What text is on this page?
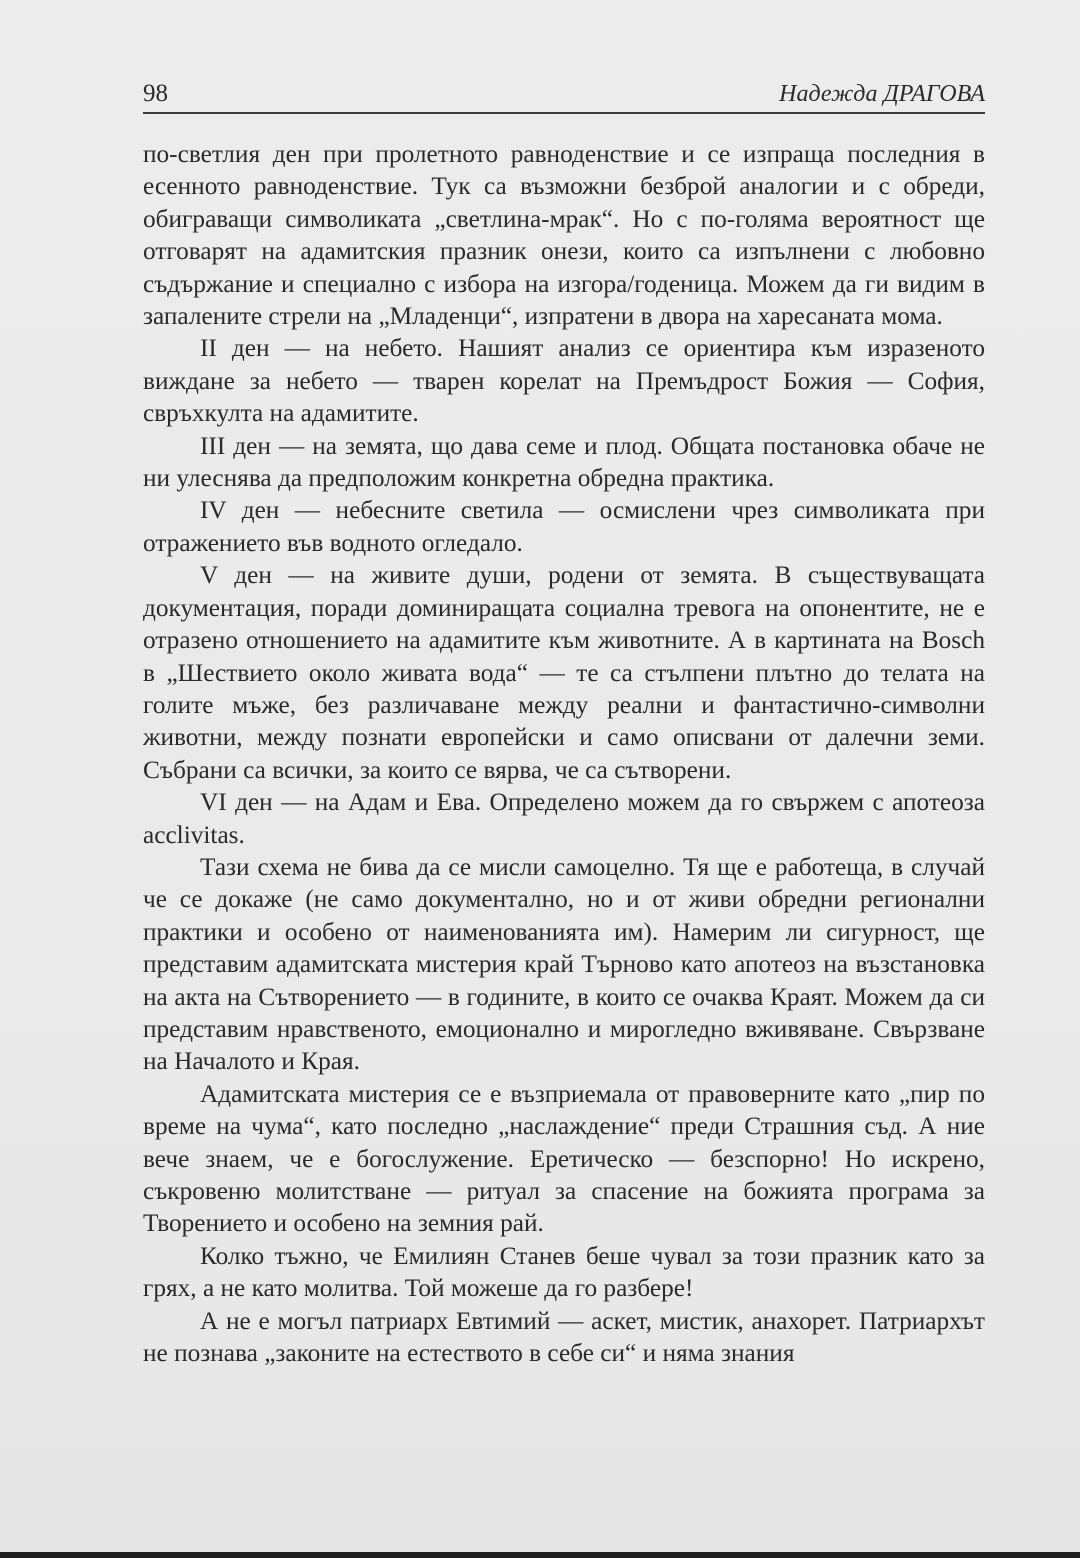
98	Надежда ДРАГОВА

по-светлия ден при пролетното равноденствие и се изпраща последния в есенното равноденствие. Тук са възможни безброй аналогии и с обреди, обиграващи символиката „светлина-мрак“. Но с по-голяма вероятност ще отговарят на адамитския празник онези, които са изпълнени с любовно съдържание и специално с избора на изгора/годеница. Можем да ги видим в запалените стрели на „Младенци“, изпратени в двора на харесаната мома.

II ден — на небето. Нашият анализ се ориентира към изразеното виждане за небето — тварен корелат на Премъдрост Божия — София, свръхкулта на адамитите.

III ден — на земята, що дава семе и плод. Общата постановка обаче не ни улеснява да предположим конкретна обредна практика.

IV ден — небесните светила — осмислени чрез символиката при отражението във водното огледало.

V ден — на живите души, родени от земята. В съществуващата документация, поради доминиращата социална тревога на опонентите, не е отразено отношението на адамитите към животните. А в картината на Bosch в „Шествието около живата вода“ — те са стълпени плътно до телата на голите мъже, без различаване между реални и фантастично-символни животни, между познати европейски и само описвани от далечни земи. Събрани са всички, за които се вярва, че са сътворени.

VI ден — на Адам и Ева. Определено можем да го свържем с апотеоза acclivitas.

Тази схема не бива да се мисли самоцелно. Тя ще е работеща, в случай че се докаже (не само документално, но и от живи обредни регионални практики и особено от наименованията им). Намерим ли сигурност, ще представим адамитската мистерия край Търново като апотеоз на възстановка на акта на Сътворението — в годините, в които се очаква Краят. Можем да си представим нравственото, емоционално и мирогледно вживяване. Свързване на Началото и Края.

Адамитската мистерия се е възприемала от правоверните като „пир по време на чума“, като последно „наслаждение“ преди Страшния съд. А ние вече знаем, че е богослужение. Еретическо — безспорно! Но искрено, съкровеню молитстване — ритуал за спасение на божията програма за Творението и особено на земния рай.

Колко тъжно, че Емилиян Станев беше чувал за този празник като за грях, а не като молитва. Той можеше да го разбере!

А не е могъл патриарх Евтимий — аскет, мистик, анахорет. Патриархът не познава „законите на естеството в себе си“ и няма знания
